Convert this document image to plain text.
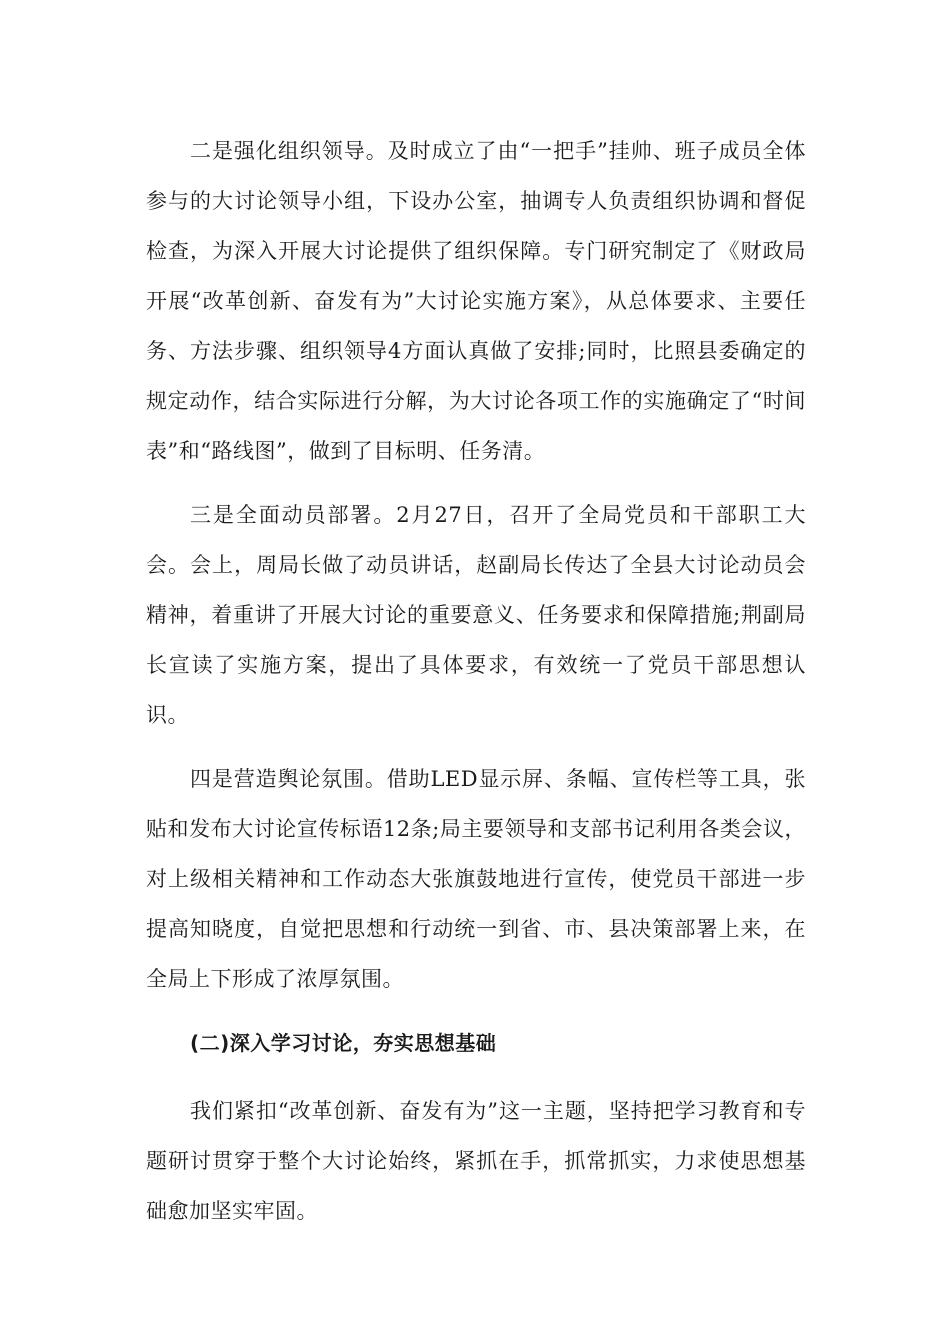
二是强化组织领导。及时成立了由“一把手”挂帅、班子成员全体参与的大讨论领导小组，下设办公室，抽调专人负责组织协调和督促检查，为深入开展大讨论提供了组织保障。专门研究制定了《财政局开展“改革创新、奋发有为”大讨论实施方案》，从总体要求、主要任务、方法步骤、组织领导4方面认真做了安排;同时，比照县委确定的规定动作，结合实际进行分解，为大讨论各项工作的实施确定了“时间表”和“路线图”，做到了目标明、任务清。

三是全面动员部署。2月27日，召开了全局党员和干部职工大会。会上，周局长做了动员讲话，赵副局长传达了全县大讨论动员会精神，着重讲了开展大讨论的重要意义、任务要求和保障措施;荆副局长宣读了实施方案，提出了具体要求，有效统一了党员干部思想认识。

四是营造舆论氛围。借助LED显示屏、条幅、宣传栏等工具，张贴和发布大讨论宣传标语12条;局主要领导和支部书记利用各类会议，对上级相关精神和工作动态大张旗鼓地进行宣传，使党员干部进一步提高知晓度，自觉把思想和行动统一到省、市、县决策部署上来，在全局上下形成了浓厚氛围。

(二)深入学习讨论，夯实思想基础

我们紧扣“改革创新、奋发有为”这一主题，坚持把学习教育和专题研讨贯穿于整个大讨论始终，紧抓在手，抓常抓实，力求使思想基础愈加坚实牢固。
